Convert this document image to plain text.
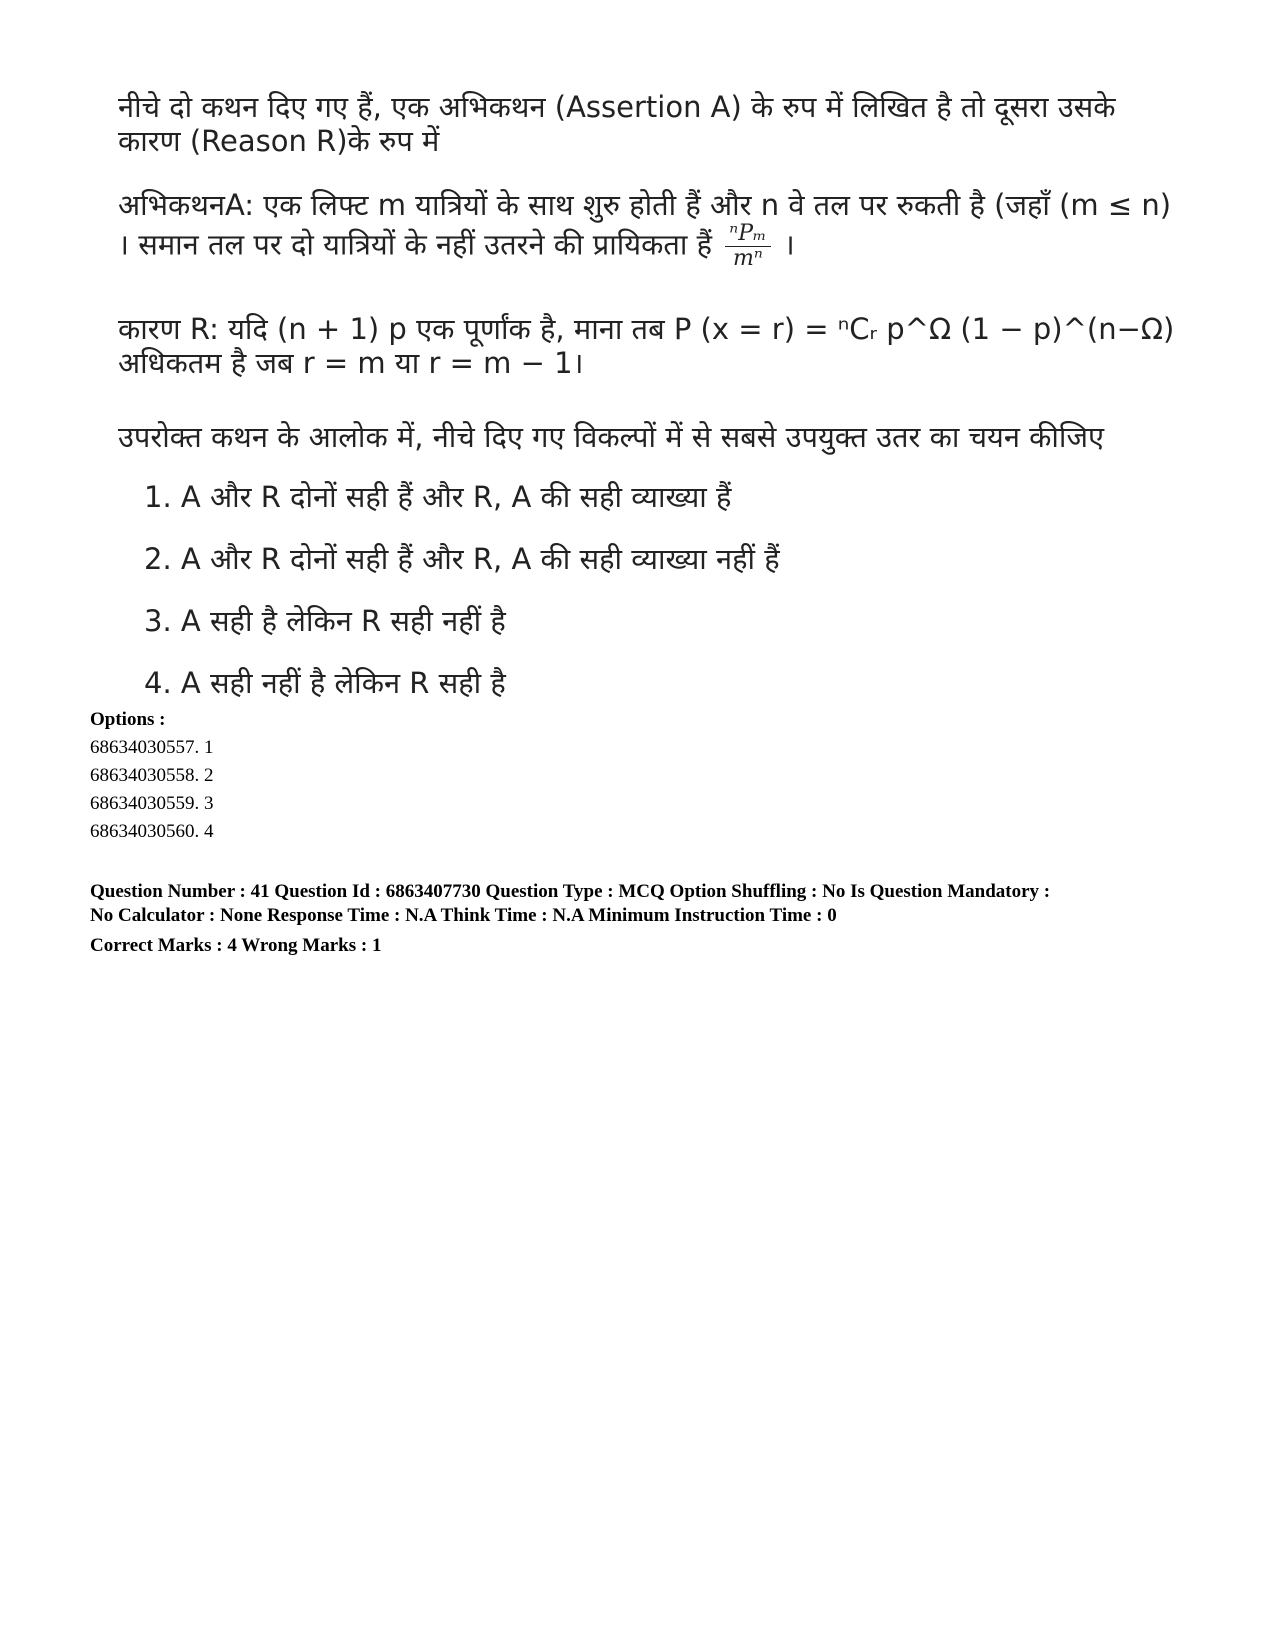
नीचे दो कथन दिए गए हैं, एक अभिकथन (Assertion A) के रुप में लिखित है तो दूसरा उसके कारण (Reason R)के रुप में

अभिकथनA: एक लिफ्ट m यात्रियों के साथ शुरु होती हैं और n वे तल पर रुकती है (जहाँ (m ≤ n) । समान तल पर दो यात्रियों के नहीं उतरने की प्रायिकता हैं $\frac{\text{ⁿPₘ}}{\text{mⁿ}}$ ।

कारण R: यदि (n + 1) p एक पूर्णांक है, माना तब P (x = r) = ⁿCᵣ p^Ω (1 − p)^(n−Ω) अधिकतम है जब r = m या r = m − 1।

उपरोक्त कथन के आलोक में, नीचे दिए गए विकल्पों में से सबसे उपयुक्त उतर का चयन कीजिए

1. A और R दोनों सही हैं और R, A की सही व्याख्या हैं
2. A और R दोनों सही हैं और R, A की सही व्याख्या नहीं हैं
3. A सही है लेकिन R सही नहीं है
4. A सही नहीं है लेकिन R सही है
Options :
68634030557. 1
68634030558. 2
68634030559. 3
68634030560. 4
Question Number : 41 Question Id : 6863407730 Question Type : MCQ Option Shuffling : No Is Question Mandatory :
No Calculator : None Response Time : N.A Think Time : N.A Minimum Instruction Time : 0
Correct Marks : 4 Wrong Marks : 1
